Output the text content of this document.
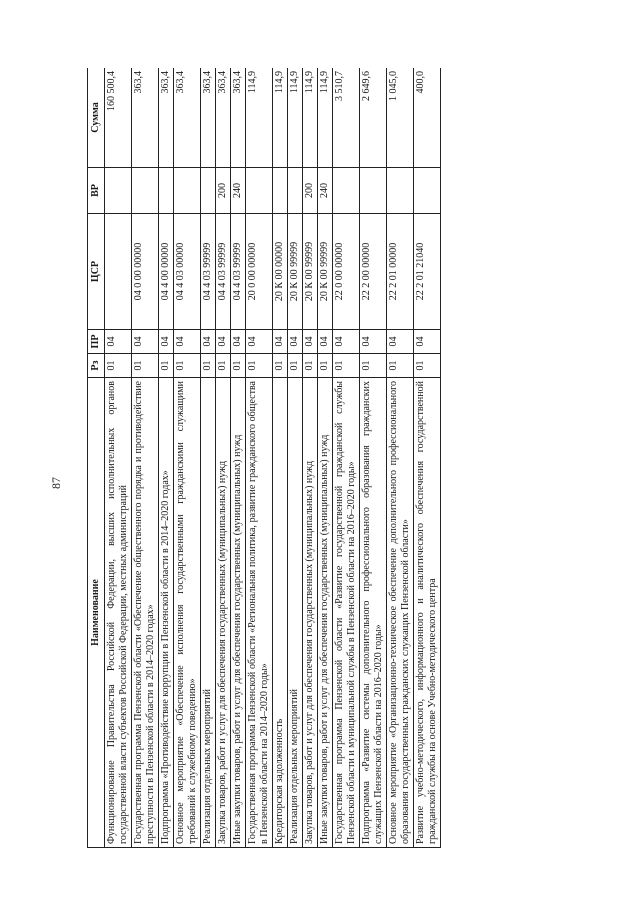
87
Наименование	Рз	ПР	ЦСР	ВР	Сумма
Функционирование Правительства Российской Федерации, высших исполнительных органов государственной власти субъектов Российской Федерации, местных администраций	01	04			160 500,4
Государственная программа Пензенской области «Обеспечение общественного порядка и противодействие преступности в Пензенской области в 2014–2020 годах»	01	04	04 0 00 00000		363,4
Подпрограмма «Противодействие коррупции в Пензенской области в 2014–2020 годах»	01	04	04 4 00 00000		363,4
Основное мероприятие «Обеспечение исполнения государственными гражданскими служащими требований к служебному поведению»	01	04	04 4 03 00000		363,4
Реализация отдельных мероприятий	01	04	04 4 03 99999		363,4
Закупка товаров, работ и услуг для обеспечения государственных (муниципальных) нужд	01	04	04 4 03 99999	200	363,4
Иные закупки товаров, работ и услуг для обеспечения государственных (муниципальных) нужд	01	04	04 4 03 99999	240	363,4
Государственная программа Пензенской области «Региональная политика, развитие гражданского общества в Пензенской области на 2014–2020 годы»	01	04	20 0 00 00000		114,9
Кредиторская задолженность	01	04	20 К 00 00000		114,9
Реализация отдельных мероприятий	01	04	20 К 00 99999		114,9
Закупка товаров, работ и услуг для обеспечения государственных (муниципальных) нужд	01	04	20 К 00 99999	200	114,9
Иные закупки товаров, работ и услуг для обеспечения государственных (муниципальных) нужд	01	04	20 К 00 99999	240	114,9
Государственная программа Пензенской области «Развитие государственной гражданской службы Пензенской области и муниципальной службы в Пензенской области на 2016–2020 годы»	01	04	22 0 00 00000		3 510,7
Подпрограмма «Развитие системы дополнительного профессионального образования гражданских служащих Пензенской области на 2016–2020 годы»	01	04	22 2 00 00000		2 649,6
Основное мероприятие «Организационно-техническое обеспечение дополнительного профессионального образования государственных гражданских служащих Пензенской области»	01	04	22 2 01 00000		1 045,0
Развитие учебно-методического, информационного и аналитического обеспечения государственной гражданской службы на основе Учебно-методического центра	01	04	22 2 01 21040		400,0
